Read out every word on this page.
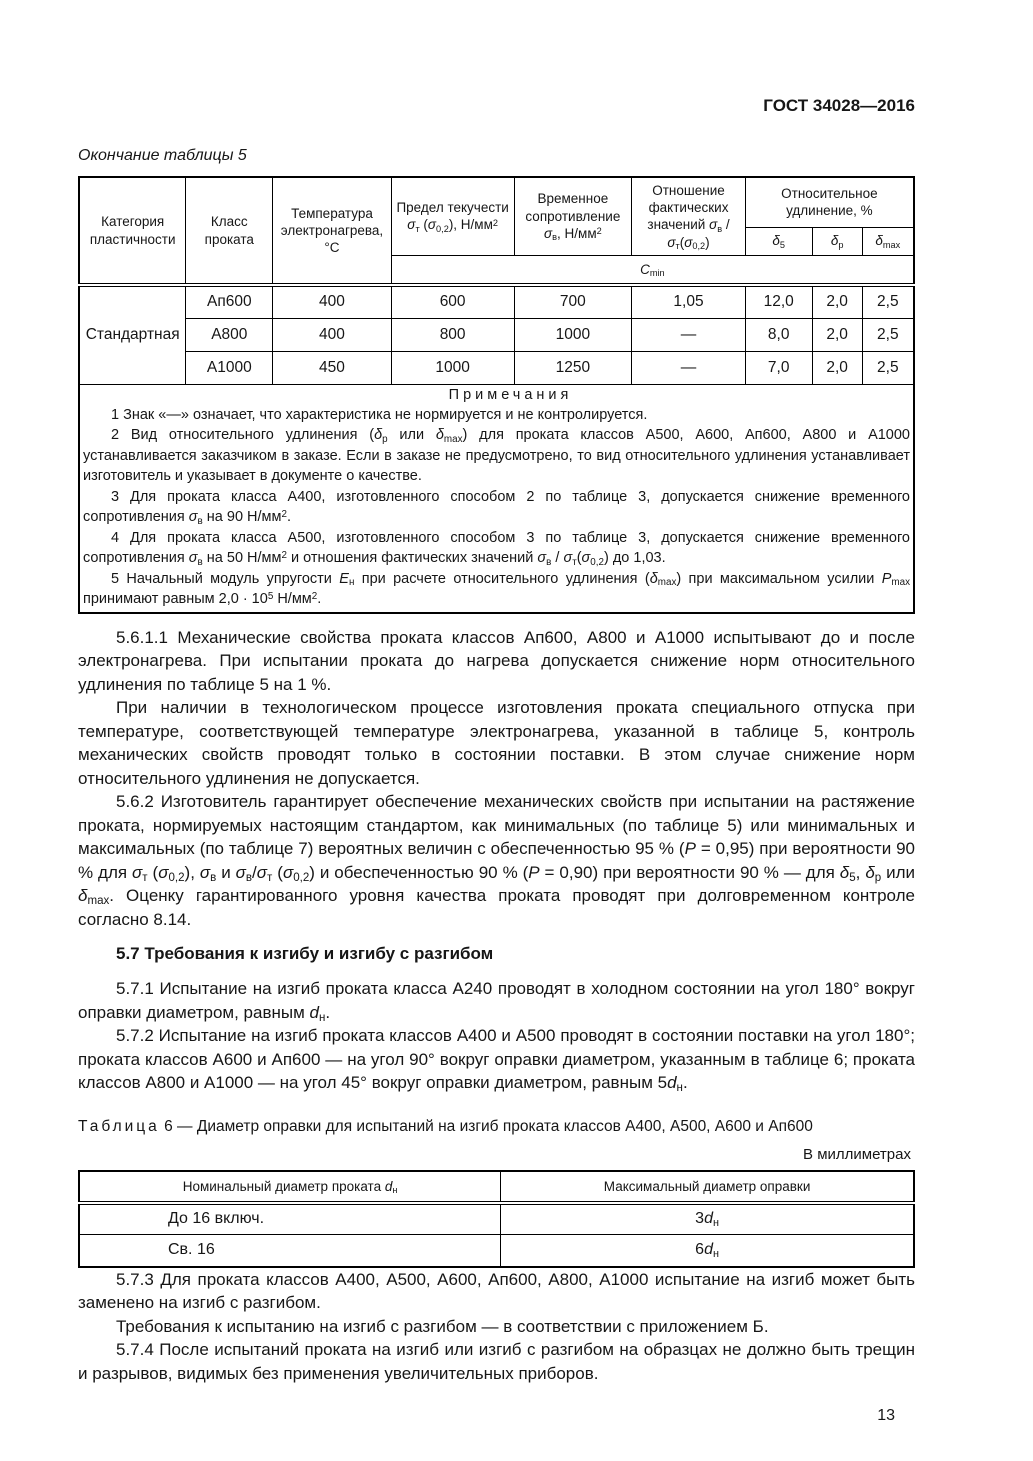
ГОСТ 34028—2016
Окончание таблицы 5
Категория пластичности	Класс проката	Температура электронагрева, °С	Предел текучести $\sigma_т$ $(\sigma_{0,2})$, $Н/мм^2$	Временное сопротивление $\sigma_в$, $Н/мм^2$	Отношение фактических значений $\sigma_в / \sigma_т(\sigma_{0,2})$	Относительное удлинение, %		
						$\delta_5$	$\delta_р$	$\delta_{max}$
			$С_{min}$
Стандартная	Ап600	400	600	700	1,05	12,0	2,0	2,5
	А800	400	800	1000	—	8,0	2,0	2,5
	А1000	450	1000	1250	—	7,0	2,0	2,5

Примечания

1 Знак «—» означает, что характеристика не нормируется и не контролируется.

2 Вид относительного удлинения ($\delta_р$ или $\delta_{max}$) для проката классов А500, А600, Ап600, А800 и А1000 устанавливается заказчиком в заказе. Если в заказе не предусмотрено, то вид относительного удлинения устанавливает изготовитель и указывает в документе о качестве.

3 Для проката класса А400, изготовленного способом 2 по таблице 3, допускается снижение временного сопротивления $\sigma_в$ на 90 $Н/мм^2$.

4 Для проката класса А500, изготовленного способом 3 по таблице 3, допускается снижение временного сопротивления $\sigma_в$ на 50 $Н/мм^2$ и отношения фактических значений $\sigma_в / \sigma_т(\sigma_{0,2})$ до 1,03.

5 Начальный модуль упругости $Е_н$ при расчете относительного удлинения $(\delta_{max})$ при максимальном усилии $Р_{max}$ принимают равным $2,0 \cdot 10^5$ $Н/мм^2$.

5.6.1.1 Механические свойства проката классов Ап600, А800 и А1000 испытывают до и после электронагрева. При испытании проката до нагрева допускается снижение норм относительного удлинения по таблице 5 на 1 %.

При наличии в технологическом процессе изготовления проката специального отпуска при температуре, соответствующей температуре электронагрева, указанной в таблице 5, контроль механических свойств проводят только в состоянии поставки. В этом случае снижение норм относительного удлинения не допускается.

5.6.2 Изготовитель гарантирует обеспечение механических свойств при испытании на растяжение проката, нормируемых настоящим стандартом, как минимальных (по таблице 5) или минимальных и максимальных (по таблице 7) вероятных величин с обеспеченностью 95 % (P = 0,95) при вероятности 90 % для $\sigma_т$ $(\sigma_{0,2})$, $\sigma_в$ и $\sigma_в/\sigma_т$ $(\sigma_{0,2})$ и обеспеченностью 90 % (P = 0,90) при вероятности 90 % — для $\delta_5$, $\delta_р$ или $\delta_{max}$. Оценку гарантированного уровня качества проката проводят при долговременном контроле согласно 8.14.

5.7 Требования к изгибу и изгибу с разгибом

5.7.1 Испытание на изгиб проката класса А240 проводят в холодном состоянии на угол 180° вокруг оправки диаметром, равным $d_н$.

5.7.2 Испытание на изгиб проката классов А400 и А500 проводят в состоянии поставки на угол 180°; проката классов А600 и Ап600 — на угол 90° вокруг оправки диаметром, указанным в таблице 6; проката классов А800 и А1000 — на угол 45° вокруг оправки диаметром, равным $5d_н$.

Таблица 6 — Диаметр оправки для испытаний на изгиб проката классов А400, А500, А600 и Ап600
В миллиметрах
Номинальный диаметр проката $d_н$	Максимальный диаметр оправки
До 16 включ.	$3d_н$
Св. 16	$6d_н$

5.7.3 Для проката классов А400, А500, А600, Ап600, А800, А1000 испытание на изгиб может быть заменено на изгиб с разгибом.

Требования к испытанию на изгиб с разгибом — в соответствии с приложением Б.

5.7.4 После испытаний проката на изгиб или изгиб с разгибом на образцах не должно быть трещин и разрывов, видимых без применения увеличительных приборов.

13
